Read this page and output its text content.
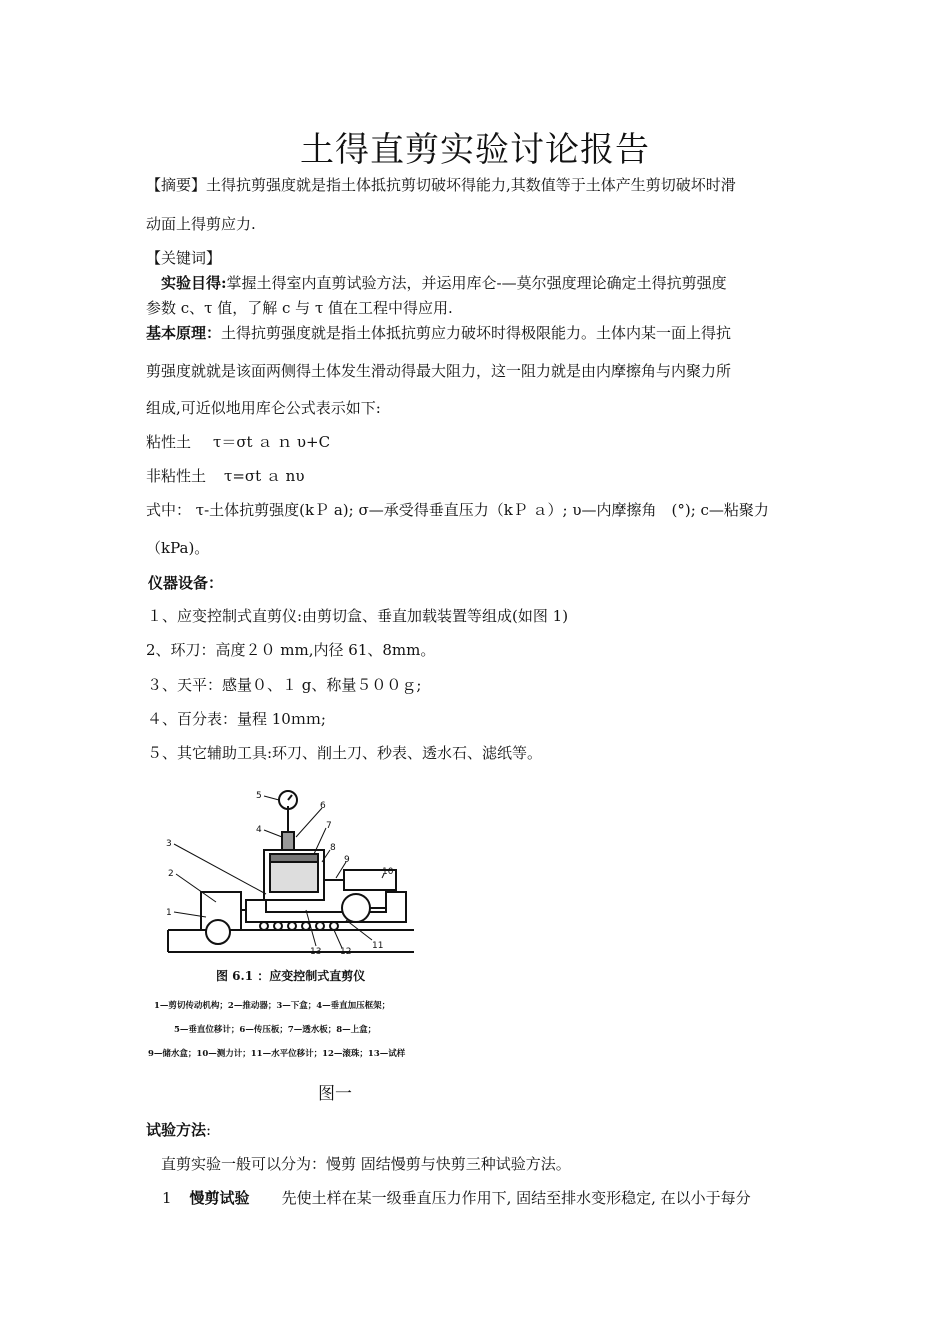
土得直剪实验讨论报告
【摘要】土得抗剪强度就是指土体抵抗剪切破坏得能力,其数值等于土体产生剪切破坏时滑
动面上得剪应力.
【关键词】
实验目得:掌握土得室内直剪试验方法，并运用库仑-—莫尔强度理论确定土得抗剪强度
参数 c、τ 值，了解 c 与 τ 值在工程中得应用.
基本原理：土得抗剪强度就是指土体抵抗剪应力破坏时得极限能力。土体内某一面上得抗
剪强度就就是该面两侧得土体发生滑动得最大阻力，这一阻力就是由内摩擦角与内聚力所
组成,可近似地用库仑公式表示如下:
粘性土 τ＝σt ａ ｎ υ+C
非粘性土 τ=σt ａ nυ
式中： τ-土体抗剪强度(kＰ a); σ—承受得垂直压力（kＰ ａ）; υ—内摩擦角　(°); c—粘聚力
（kPa)。
仪器设备：
１、应变控制式直剪仪:由剪切盒、垂直加载装置等组成(如图 1)
2、环刀：高度２０ mm,内径 61、8mm。
３、天平：感量０、１ g、称量５００ｇ;
４、百分表：量程 10ｍｍ;
５、其它辅助工具:环刀、削土刀、秒表、透水石、滤纸等。
1
2
3
4
5
6
7
8
9
10
11
12
13
图 6.1 ：应变控制式直剪仪
1—剪切传动机构；2—推动器；3—下盒；4—垂直加压框架；
5—垂直位移计；6—传压板；7—透水板；8—上盒；
9—储水盒；10—测力计；11—水平位移计；12—滚珠；13—试样
图一
试验方法:
直剪实验一般可以分为：慢剪 固结慢剪与快剪三种试验方法。
1 慢剪试验 先使土样在某一级垂直压力作用下, 固结至排水变形稳定, 在以小于每分
